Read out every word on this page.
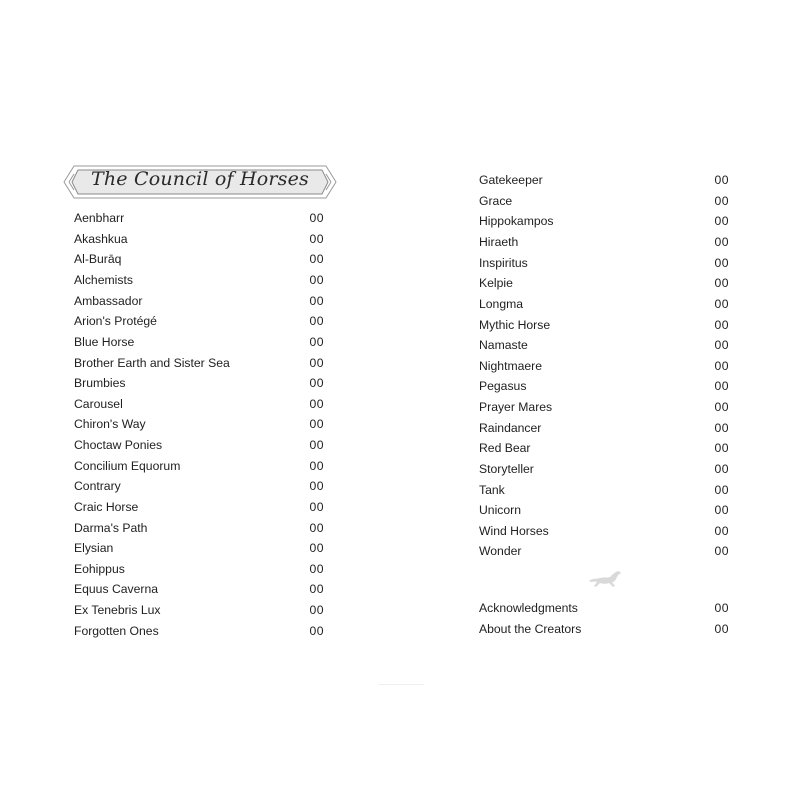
The Council of Horses
Aenbharr	00
Akashkua	00
Al-Burāq	00
Alchemists	00
Ambassador	00
Arion's Protégé	00
Blue Horse	00
Brother Earth and Sister Sea	00
Brumbies	00
Carousel	00
Chiron's Way	00
Choctaw Ponies	00
Concilium Equorum	00
Contrary	00
Craic Horse	00
Darma's Path	00
Elysian	00
Eohippus	00
Equus Caverna	00
Ex Tenebris Lux	00
Forgotten Ones	00
Gatekeeper	00
Grace	00
Hippokampos	00
Hiraeth	00
Inspiritus	00
Kelpie	00
Longma	00
Mythic Horse	00
Namaste	00
Nightmaere	00
Pegasus	00
Prayer Mares	00
Raindancer	00
Red Bear	00
Storyteller	00
Tank	00
Unicorn	00
Wind Horses	00
Wonder	00
Acknowledgments	00
About the Creators	00
